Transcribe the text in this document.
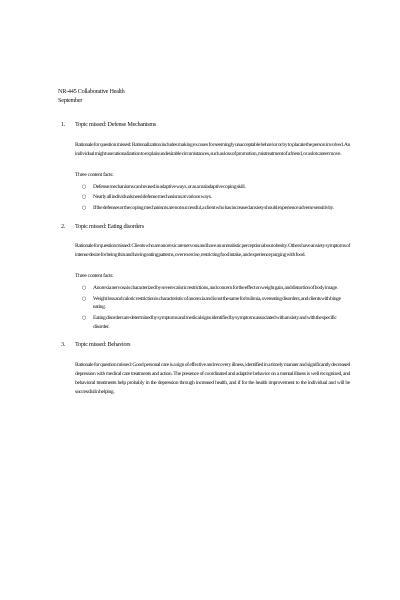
NR-445 Collaborative Health
September
1.	Topic missed: Defense Mechanisms

Rationale for question missed: Rationalization includes making excuses for seemingly unacceptable behavior or by to placate the person involved. An individual might use rationalization to explain undesirable circumstances, such as loss of promotion, mistreatment of a friend, or a slot career move.

Three content facts:
○	Defense mechanisms can be used in adaptive ways, or as a maladaptive coping skill.
○	Nearly all individuals need defense mechanisms at various ways.
○	If the defenses or the coping mechanisms are not successful, a client who has increased anxiety should experience adverse sensitivity.
2.	Topic missed: Eating disorders

Rationale for question missed: Clients who are anorexic are nervous and have an unrealistic perception about obesity. Others have anxiety symptoms of intense desire for being thin and having eating patterns, over exercise, restricting food intake, and experience purging with food.

Three content facts:
○	Anorexia nervosa is characterized by severe caloric restrictions, and concern for the effect on weight gain, and distortion of body image.
○	Weight loss and caloric restriction is characteristic of anorexia and is not the same for bulimia, overeating disorders, and clients with binge eating.
○	Eating disorders are determined by symptoms and medical signs identified by symptoms associated with anxiety and with the specific disorder.
3.	Topic missed: Behaviors

Rationale for question missed: Good personal care is a sign of effective and recovery illness, identified in a timely manner and significantly decreased depression with medical care treatments and action. The presence of coordinated and adaptive behavior on a mental illness is well recognized, and behavioral treatments help probably in the depression through increased health, and if for the health improvement to the individual and will be successful in helping.
